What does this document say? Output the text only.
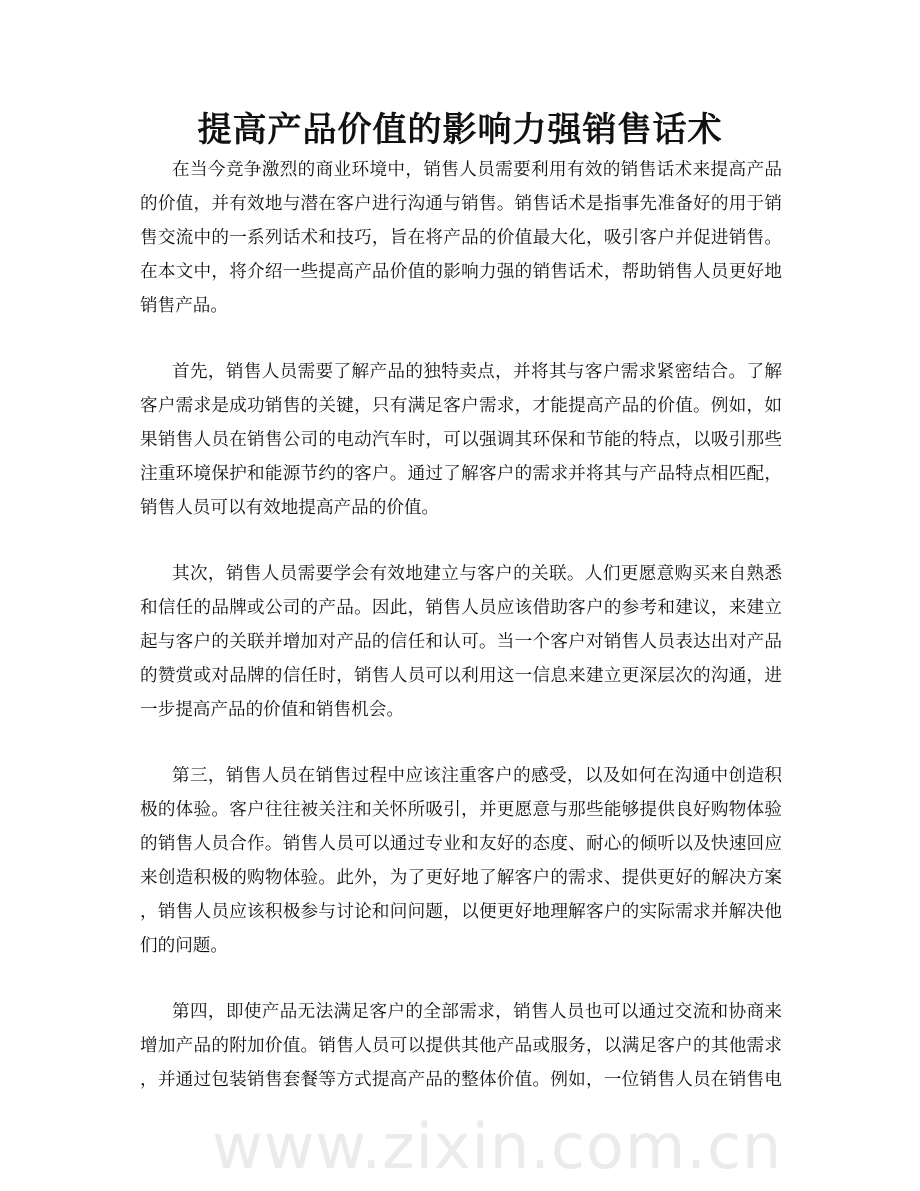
提高产品价值的影响力强销售话术
在当今竞争激烈的商业环境中，销售人员需要利用有效的销售话术来提高产品
的价值，并有效地与潜在客户进行沟通与销售。销售话术是指事先准备好的用于销
售交流中的一系列话术和技巧，旨在将产品的价值最大化，吸引客户并促进销售。
在本文中，将介绍一些提高产品价值的影响力强的销售话术，帮助销售人员更好地
销售产品。
首先，销售人员需要了解产品的独特卖点，并将其与客户需求紧密结合。了解
客户需求是成功销售的关键，只有满足客户需求，才能提高产品的价值。例如，如
果销售人员在销售公司的电动汽车时，可以强调其环保和节能的特点，以吸引那些
注重环境保护和能源节约的客户。通过了解客户的需求并将其与产品特点相匹配，
销售人员可以有效地提高产品的价值。
其次，销售人员需要学会有效地建立与客户的关联。人们更愿意购买来自熟悉
和信任的品牌或公司的产品。因此，销售人员应该借助客户的参考和建议，来建立
起与客户的关联并增加对产品的信任和认可。当一个客户对销售人员表达出对产品
的赞赏或对品牌的信任时，销售人员可以利用这一信息来建立更深层次的沟通，进
一步提高产品的价值和销售机会。
第三，销售人员在销售过程中应该注重客户的感受，以及如何在沟通中创造积
极的体验。客户往往被关注和关怀所吸引，并更愿意与那些能够提供良好购物体验
的销售人员合作。销售人员可以通过专业和友好的态度、耐心的倾听以及快速回应
来创造积极的购物体验。此外，为了更好地了解客户的需求、提供更好的解决方案
，销售人员应该积极参与讨论和问问题，以便更好地理解客户的实际需求并解决他
们的问题。
第四，即使产品无法满足客户的全部需求，销售人员也可以通过交流和协商来
增加产品的附加价值。销售人员可以提供其他产品或服务，以满足客户的其他需求
，并通过包装销售套餐等方式提高产品的整体价值。例如，一位销售人员在销售电
www.zixin.com.cn
